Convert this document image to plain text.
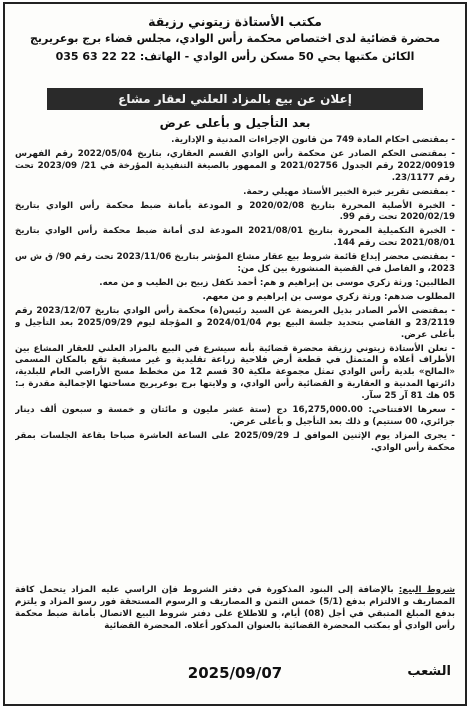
مكتب الأستاذة زيتوني رزيقة
محضرة قضائية لدى اختصاص محكمة رأس الوادي، مجلس قضاء برج بوعريريج
الكائن مكتبها بحي 50 مسكن رأس الوادي - الهاتف: 22 22 63 035
إعلان عن بيع بالمزاد العلني لعقار مشاع
بعد التأجيل و بأعلى عرض

- بمقتضى أحكام المادة 749 من قانون الإجراءات المدنية و الإدارية.

- بمقتضى الحكم الصادر عن محكمة رأس الوادي القسم العقاري، بتاريخ 2022/05/04 رقم الفهرس 2022/00919 رقم الجدول 2021/02756 و الممهور بالصيغة التنفيذية المؤرخة في 21/ 2023/09 تحت رقم 23/1177.

- بمقتضى تقرير خبرة الخبير الأستاذ مهيلي رحمة.

- الخبرة الأصلية المحررة بتاريخ 2020/02/08 و المودعة بأمانة ضبط محكمة رأس الوادي بتاريخ 2020/02/19 تحت رقم 99.

- الخبرة التكميلية المحررة بتاريخ 2021/08/01 المودعة لدى أمانة ضبط محكمة رأس الوادي بتاريخ 2021/08/01 تحت رقم 144.

- بمقتضى محضر إيداع قائمة شروط بيع عقار مشاع المؤشر بتاريخ 2023/11/06 تحت رقم 90/ ق ش س 2023، و الفاصل في القضية المنشورة بين كل من:

الطالبين: ورثة زكري موسى بن إبراهيم و هم: أحمد تكفل زبيح بن الطيب و من معه.

المطلوب ضدهم: ورثة زكري موسى بن إبراهيم و من معهم.

- بمقتضى الأمر الصادر بذيل العريضة عن السيد رئيس(ة) محكمة رأس الوادي بتاريخ 2023/12/07 رقم 23/2119 و القاضي بتحديد جلسة البيع يوم 2024/01/04 و المؤجلة ليوم 2025/09/29 بعد التأجيل و بأعلى عرض.

- تعلن الأستاذة زيتوني رزيقة محضرة قضائية بأنه سيشرع في البيع بالمزاد العلني للعقار المشاع بين الأطراف أعلاه و المتمثل في قطعة أرض فلاحية زراعة تقليدية و غير مسقية تقع بالمكان المسمى «المالح» بلدية رأس الوادي تمثل مجموعة ملكية 30 قسم 12 من مخطط مسح الأراضي العام للبلدية، دائرتها المدنية و العقارية و القضائية رأس الوادي، و ولايتها برج بوعريريج مساحتها الإجمالية مقدرة بـ: 05 هك 81 آر 25 سآر.

- سعرها الافتتاحي: 16,275,000.00 دج (ستة عشر مليون و مائتان و خمسة و سبعون ألف دينار جزائري، 00 سنتيم) و ذلك بعد التأجيل و بأعلى عرض.

- يجرى المزاد يوم الإثنين الموافق لـ 2025/09/29 على الساعة العاشرة صباحا بقاعة الجلسات بمقر محكمة رأس الوادي.

شروط البيع: بالإضافة إلى البنود المذكورة في دفتر الشروط فإن الراسي عليه المزاد يتحمل كافة المصاريف و الالتزام بدفع (5/1) خمس الثمن و المصاريف و الرسوم المستحقة فور رسو المزاد و يلتزم بدفع المبلغ المتبقي في أجل (08) أيام، و للاطلاع على دفتر شروط البيع الاتصال بأمانة ضبط محكمة رأس الوادي أو بمكتب المحضرة القضائية بالعنوان المذكور أعلاه. المحضرة القضائية
2025/09/07	الشعب
